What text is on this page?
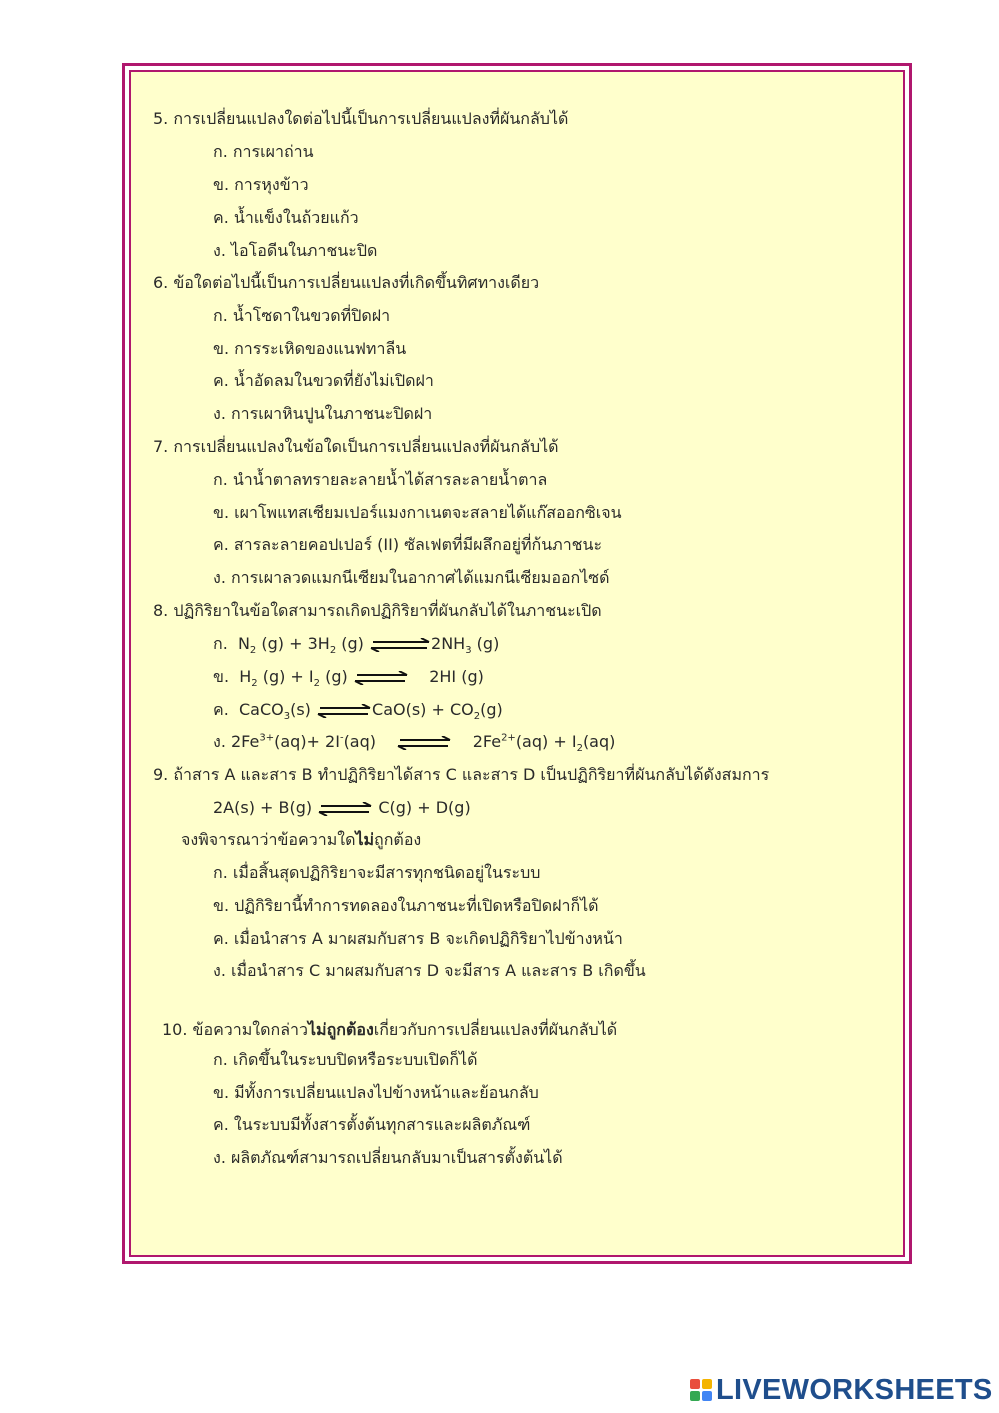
5. การเปลี่ยนแปลงใดต่อไปนี้เป็นการเปลี่ยนแปลงที่ผันกลับได้
ก. การเผาถ่าน
ข. การหุงข้าว
ค. น้ำแข็งในถ้วยแก้ว
ง. ไอโอดีนในภาชนะปิด
6. ข้อใดต่อไปนี้เป็นการเปลี่ยนแปลงที่เกิดขึ้นทิศทางเดียว
ก. น้ำโซดาในขวดที่ปิดฝา
ข. การระเหิดของแนฟทาลีน
ค. น้ำอัดลมในขวดที่ยังไม่เปิดฝา
ง. การเผาหินปูนในภาชนะปิดฝา
7. การเปลี่ยนแปลงในข้อใดเป็นการเปลี่ยนแปลงที่ผันกลับได้
ก. นำน้ำตาลทรายละลายน้ำได้สารละลายน้ำตาล
ข. เผาโพแทสเซียมเปอร์แมงกาเนตจะสลายได้แก๊สออกซิเจน
ค. สารละลายคอปเปอร์ (II) ซัลเฟตที่มีผลึกอยู่ที่ก้นภาชนะ
ง. การเผาลวดแมกนีเซียมในอากาศได้แมกนีเซียมออกไซด์
8. ปฏิกิริยาในข้อใดสามารถเกิดปฏิกิริยาที่ผันกลับได้ในภาชนะเปิด
ก. $N_2$ $(g) + 3H_2$ (g) $\rightleftharpoons 2NH_3$ (g)
ข. $H_2$ $(g) + I_2$ (g) ⇌ 2HI (g)
ค. CaCO$_3$(s) ⇌CaO(s) + $CO_2(g)$
ง. $2Fe^{3+}(aq)+ 2I^-(aq)$ ⇌ $2Fe^{2+}(aq) + I_2(aq)$
9. ถ้าสาร A และสาร B ทำปฏิกิริยาได้สาร C และสาร D เป็นปฏิกิริยาที่ผันกลับได้ดังสมการ
2A(s) + B(g) ⇌ C(g) + D(g)
จงพิจารณาว่าข้อความใดไม่ถูกต้อง
ก. เมื่อสิ้นสุดปฏิกิริยาจะมีสารทุกชนิดอยู่ในระบบ
ข. ปฏิกิริยานี้ทำการทดลองในภาชนะที่เปิดหรือปิดฝาก็ได้
ค. เมื่อนำสาร A มาผสมกับสาร B จะเกิดปฏิกิริยาไปข้างหน้า
ง. เมื่อนำสาร C มาผสมกับสาร D จะมีสาร A และสาร B เกิดขึ้น
10. ข้อความใดกล่าวไม่ถูกต้องเกี่ยวกับการเปลี่ยนแปลงที่ผันกลับได้
ก. เกิดขึ้นในระบบปิดหรือระบบเปิดก็ได้
ข. มีทั้งการเปลี่ยนแปลงไปข้างหน้าและย้อนกลับ
ค. ในระบบมีทั้งสารตั้งต้นทุกสารและผลิตภัณฑ์
ง. ผลิตภัณฑ์สามารถเปลี่ยนกลับมาเป็นสารตั้งต้นได้
LIVEWORKSHEETS
